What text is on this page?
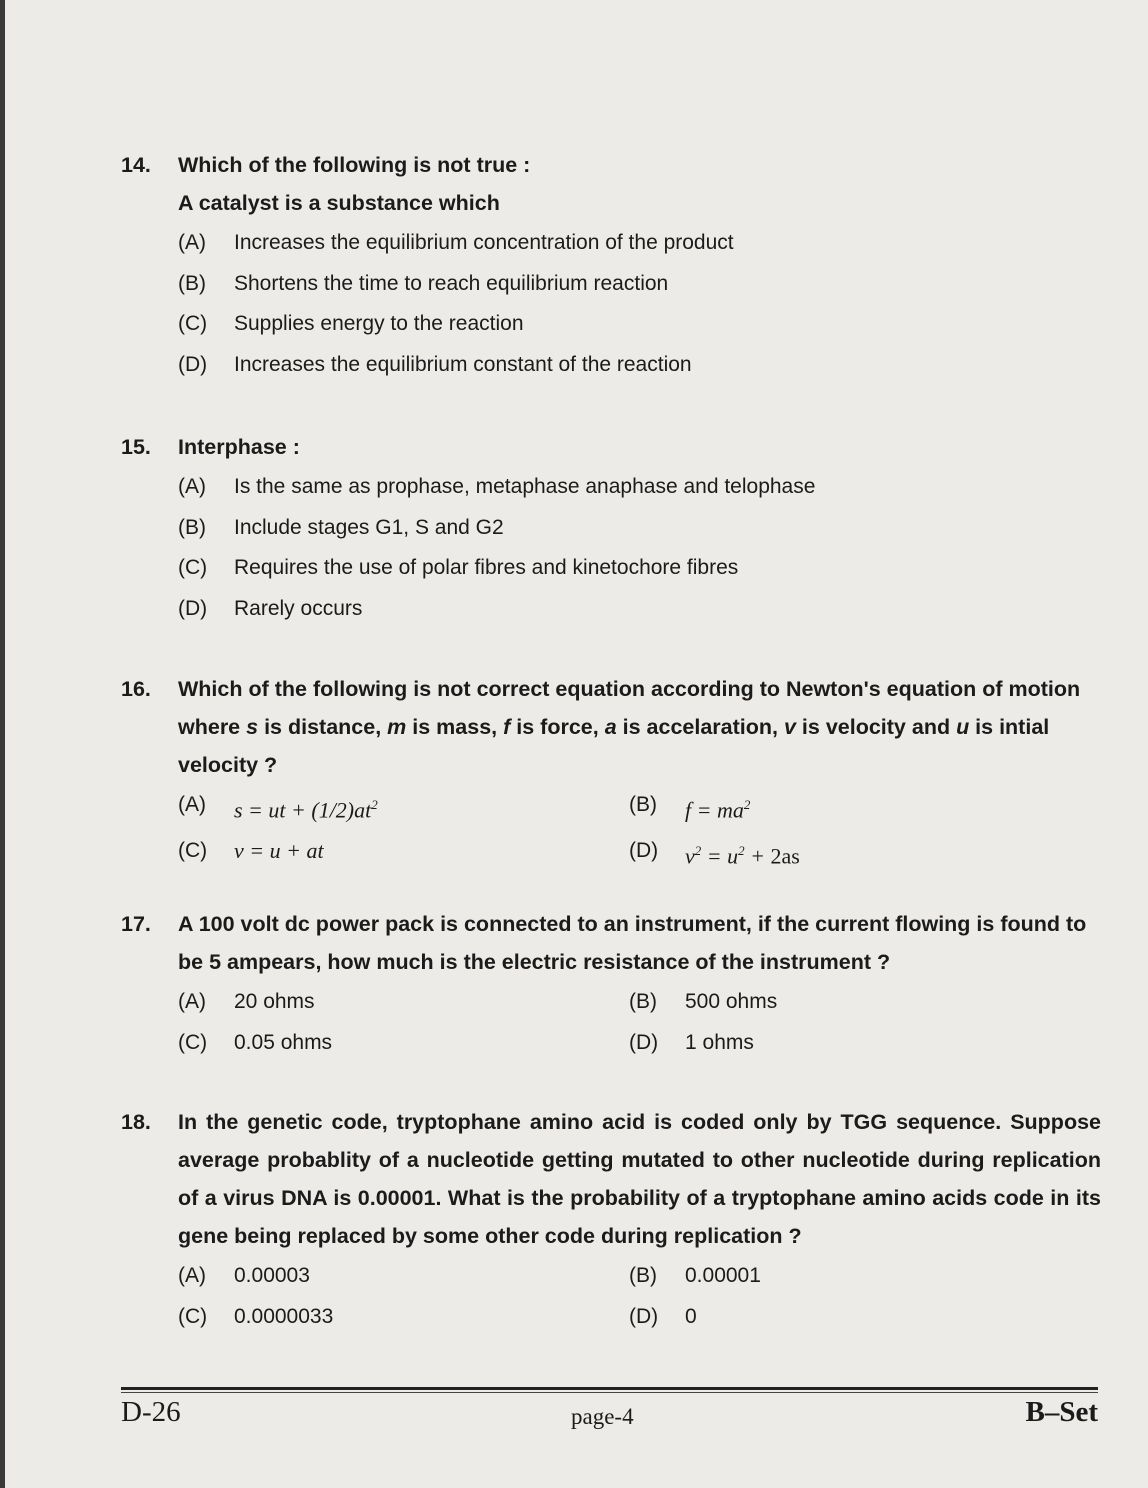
14.	Which of the following is not true :
A catalyst is a substance which
(A)	Increases the equilibrium concentration of the product
(B)	Shortens the time to reach equilibrium reaction
(C)	Supplies energy to the reaction
(D)	Increases the equilibrium constant of the reaction
15.	Interphase :
(A)	Is the same as prophase, metaphase anaphase and telophase
(B)	Include stages G1, S and G2
(C)	Requires the use of polar fibres and kinetochore fibres
(D)	Rarely occurs
16.	Which of the following is not correct equation according to Newton's equation of motion where s is distance, m is mass, f is force, a is accelaration, v is velocity and u is intial velocity ?
(A)	s = ut + $(1/2)at^2$	(B)	$f = ma^2$
(C)	v = u + at	(D)	$v^2 = u^2 + 2as$
17.	A 100 volt dc power pack is connected to an instrument, if the current flowing is found to be 5 ampears, how much is the electric resistance of the instrument ?
(A)	20 ohms	(B)	500 ohms
(C)	0.05 ohms	(D)	1 ohms
18.	In the genetic code, tryptophane amino acid is coded only by TGG sequence. Suppose average probablity of a nucleotide getting mutated to other nucleotide during replication of a virus DNA is 0.00001. What is the probability of a tryptophane amino acids code in its gene being replaced by some other code during replication ?
(A)	0.00003	(B)	0.00001
(C)	0.0000033	(D)	0
D-26	page-4	B–Set
